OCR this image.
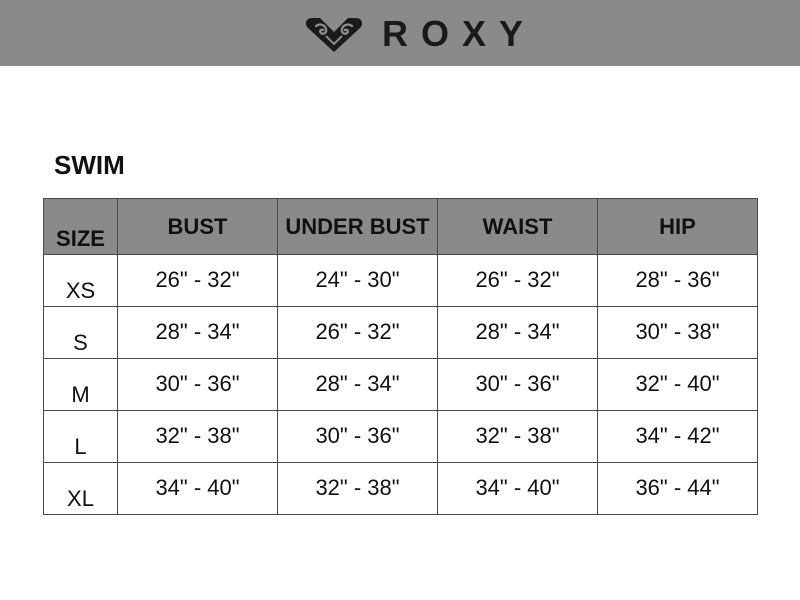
ROXY
SWIM
SIZE	BUST	UNDER BUST	WAIST	HIP
XS	26" - 32"	24" - 30"	26" - 32"	28" - 36"
S	28" - 34"	26" - 32"	28" - 34"	30" - 38"
M	30" - 36"	28" - 34"	30" - 36"	32" - 40"
L	32" - 38"	30" - 36"	32" - 38"	34" - 42"
XL	34" - 40"	32" - 38"	34" - 40"	36" - 44"
